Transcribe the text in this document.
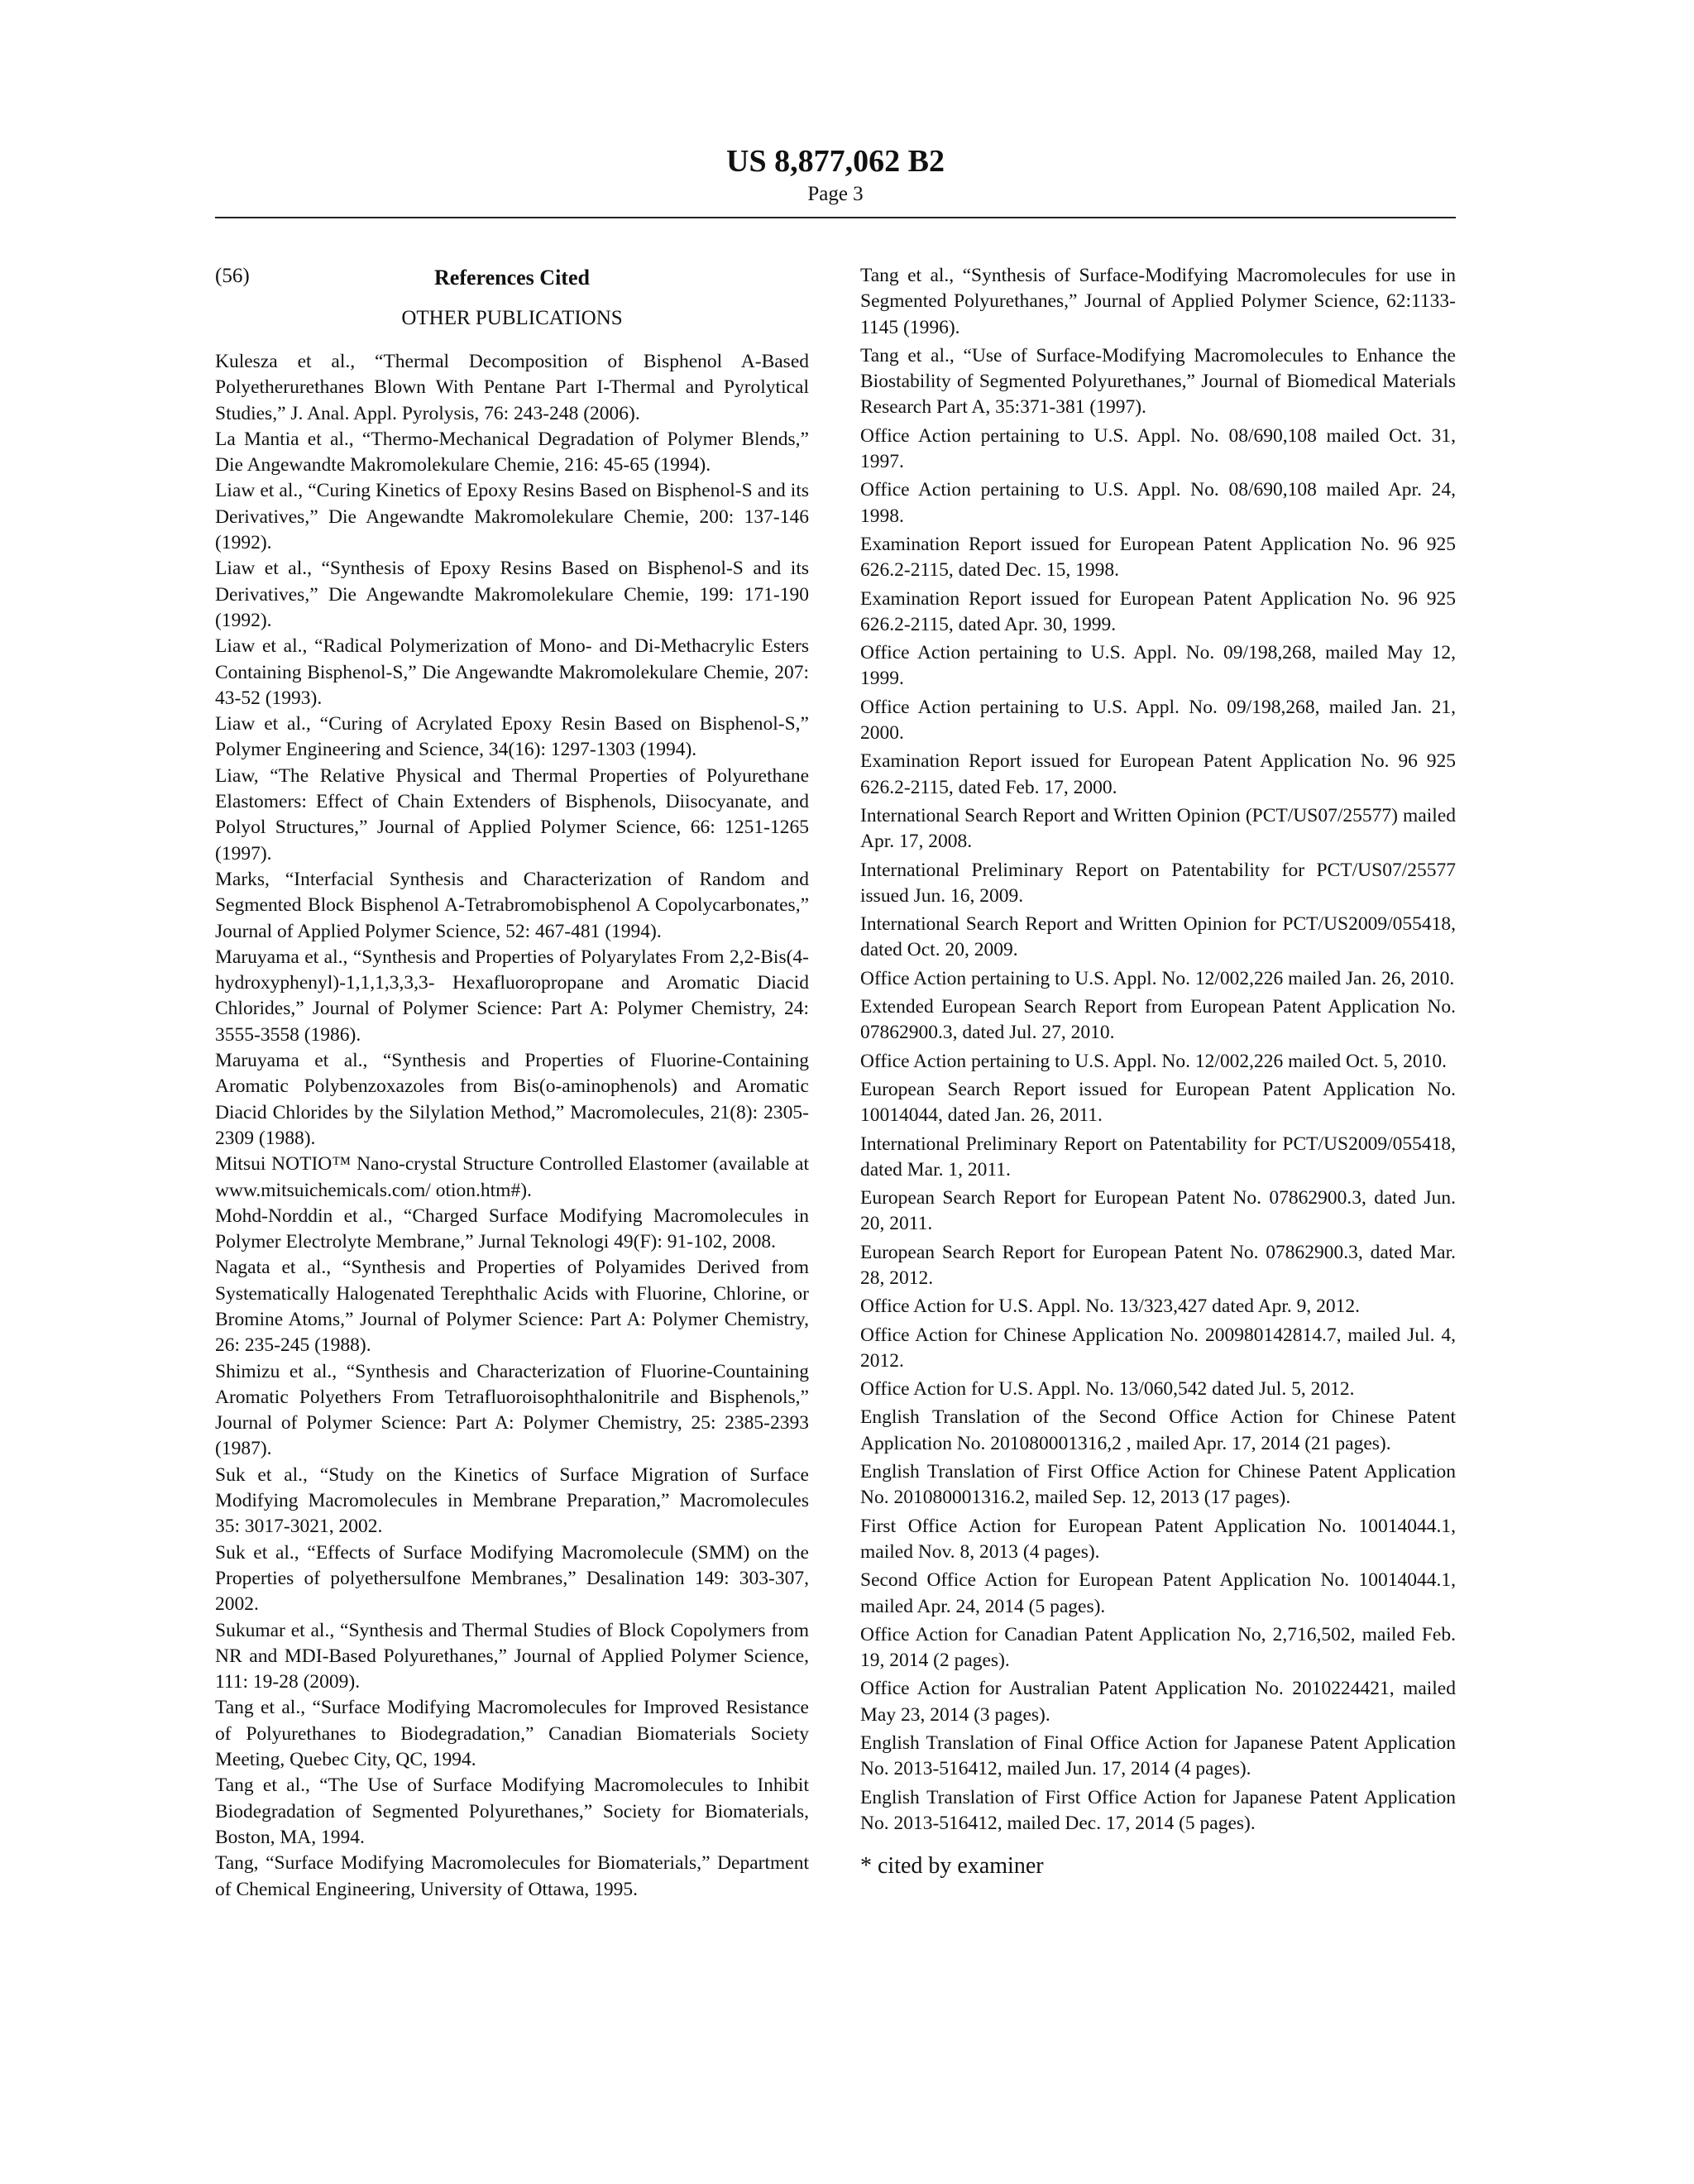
US 8,877,062 B2
Page 3
(56)	References Cited
OTHER PUBLICATIONS

Kulesza et al., “Thermal Decomposition of Bisphenol A-Based Polyetherurethanes Blown With Pentane Part I-Thermal and Pyrolytical Studies,” J. Anal. Appl. Pyrolysis, 76: 243-248 (2006).

La Mantia et al., “Thermo-Mechanical Degradation of Polymer Blends,” Die Angewandte Makromolekulare Chemie, 216: 45-65 (1994).

Liaw et al., “Curing Kinetics of Epoxy Resins Based on Bisphenol-S and its Derivatives,” Die Angewandte Makromolekulare Chemie, 200: 137-146 (1992).

Liaw et al., “Synthesis of Epoxy Resins Based on Bisphenol-S and its Derivatives,” Die Angewandte Makromolekulare Chemie, 199: 171-190 (1992).

Liaw et al., “Radical Polymerization of Mono- and Di-Methacrylic Esters Containing Bisphenol-S,” Die Angewandte Makromolekulare Chemie, 207: 43-52 (1993).

Liaw et al., “Curing of Acrylated Epoxy Resin Based on Bisphenol-S,” Polymer Engineering and Science, 34(16): 1297-1303 (1994).

Liaw, “The Relative Physical and Thermal Properties of Polyurethane Elastomers: Effect of Chain Extenders of Bisphenols, Diisocyanate, and Polyol Structures,” Journal of Applied Polymer Science, 66: 1251-1265 (1997).

Marks, “Interfacial Synthesis and Characterization of Random and Segmented Block Bisphenol A-Tetrabromobisphenol A Copolycarbonates,” Journal of Applied Polymer Science, 52: 467-481 (1994).

Maruyama et al., “Synthesis and Properties of Polyarylates From 2,2-Bis(4-hydroxyphenyl)-1,1,1,3,3,3- Hexafluoropropane and Aromatic Diacid Chlorides,” Journal of Polymer Science: Part A: Polymer Chemistry, 24: 3555-3558 (1986).

Maruyama et al., “Synthesis and Properties of Fluorine-Containing Aromatic Polybenzoxazoles from Bis(o-aminophenols) and Aromatic Diacid Chlorides by the Silylation Method,” Macromolecules, 21(8): 2305-2309 (1988).

Mitsui NOTIO™ Nano-crystal Structure Controlled Elastomer (available at www.mitsuichemicals.com/ otion.htm#).

Mohd-Norddin et al., “Charged Surface Modifying Macromolecules in Polymer Electrolyte Membrane,” Jurnal Teknologi 49(F): 91-102, 2008.

Nagata et al., “Synthesis and Properties of Polyamides Derived from Systematically Halogenated Terephthalic Acids with Fluorine, Chlorine, or Bromine Atoms,” Journal of Polymer Science: Part A: Polymer Chemistry, 26: 235-245 (1988).

Shimizu et al., “Synthesis and Characterization of Fluorine-Countaining Aromatic Polyethers From Tetrafluoroisophthalonitrile and Bisphenols,” Journal of Polymer Science: Part A: Polymer Chemistry, 25: 2385-2393 (1987).

Suk et al., “Study on the Kinetics of Surface Migration of Surface Modifying Macromolecules in Membrane Preparation,” Macromolecules 35: 3017-3021, 2002.

Suk et al., “Effects of Surface Modifying Macromolecule (SMM) on the Properties of polyethersulfone Membranes,” Desalination 149: 303-307, 2002.

Sukumar et al., “Synthesis and Thermal Studies of Block Copolymers from NR and MDI-Based Polyurethanes,” Journal of Applied Polymer Science, 111: 19-28 (2009).

Tang et al., “Surface Modifying Macromolecules for Improved Resistance of Polyurethanes to Biodegradation,” Canadian Biomaterials Society Meeting, Quebec City, QC, 1994.

Tang et al., “The Use of Surface Modifying Macromolecules to Inhibit Biodegradation of Segmented Polyurethanes,” Society for Biomaterials, Boston, MA, 1994.

Tang, “Surface Modifying Macromolecules for Biomaterials,” Department of Chemical Engineering, University of Ottawa, 1995.

Tang et al., “Synthesis of Surface-Modifying Macromolecules for use in Segmented Polyurethanes,” Journal of Applied Polymer Science, 62:1133-1145 (1996).

Tang et al., “Use of Surface-Modifying Macromolecules to Enhance the Biostability of Segmented Polyurethanes,” Journal of Biomedical Materials Research Part A, 35:371-381 (1997).

Office Action pertaining to U.S. Appl. No. 08/690,108 mailed Oct. 31, 1997.

Office Action pertaining to U.S. Appl. No. 08/690,108 mailed Apr. 24, 1998.

Examination Report issued for European Patent Application No. 96 925 626.2-2115, dated Dec. 15, 1998.

Examination Report issued for European Patent Application No. 96 925 626.2-2115, dated Apr. 30, 1999.

Office Action pertaining to U.S. Appl. No. 09/198,268, mailed May 12, 1999.

Office Action pertaining to U.S. Appl. No. 09/198,268, mailed Jan. 21, 2000.

Examination Report issued for European Patent Application No. 96 925 626.2-2115, dated Feb. 17, 2000.

International Search Report and Written Opinion (PCT/US07/25577) mailed Apr. 17, 2008.

International Preliminary Report on Patentability for PCT/US07/25577 issued Jun. 16, 2009.

International Search Report and Written Opinion for PCT/US2009/055418, dated Oct. 20, 2009.

Office Action pertaining to U.S. Appl. No. 12/002,226 mailed Jan. 26, 2010.

Extended European Search Report from European Patent Application No. 07862900.3, dated Jul. 27, 2010.

Office Action pertaining to U.S. Appl. No. 12/002,226 mailed Oct. 5, 2010.

European Search Report issued for European Patent Application No. 10014044, dated Jan. 26, 2011.

International Preliminary Report on Patentability for PCT/US2009/055418, dated Mar. 1, 2011.

European Search Report for European Patent No. 07862900.3, dated Jun. 20, 2011.

European Search Report for European Patent No. 07862900.3, dated Mar. 28, 2012.

Office Action for U.S. Appl. No. 13/323,427 dated Apr. 9, 2012.

Office Action for Chinese Application No. 200980142814.7, mailed Jul. 4, 2012.

Office Action for U.S. Appl. No. 13/060,542 dated Jul. 5, 2012.

English Translation of the Second Office Action for Chinese Patent Application No. 201080001316,2 , mailed Apr. 17, 2014 (21 pages).

English Translation of First Office Action for Chinese Patent Application No. 201080001316.2, mailed Sep. 12, 2013 (17 pages).

First Office Action for European Patent Application No. 10014044.1, mailed Nov. 8, 2013 (4 pages).

Second Office Action for European Patent Application No. 10014044.1, mailed Apr. 24, 2014 (5 pages).

Office Action for Canadian Patent Application No, 2,716,502, mailed Feb. 19, 2014 (2 pages).

Office Action for Australian Patent Application No. 2010224421, mailed May 23, 2014 (3 pages).

English Translation of Final Office Action for Japanese Patent Application No. 2013-516412, mailed Jun. 17, 2014 (4 pages).

English Translation of First Office Action for Japanese Patent Application No. 2013-516412, mailed Dec. 17, 2014 (5 pages).

* cited by examiner
